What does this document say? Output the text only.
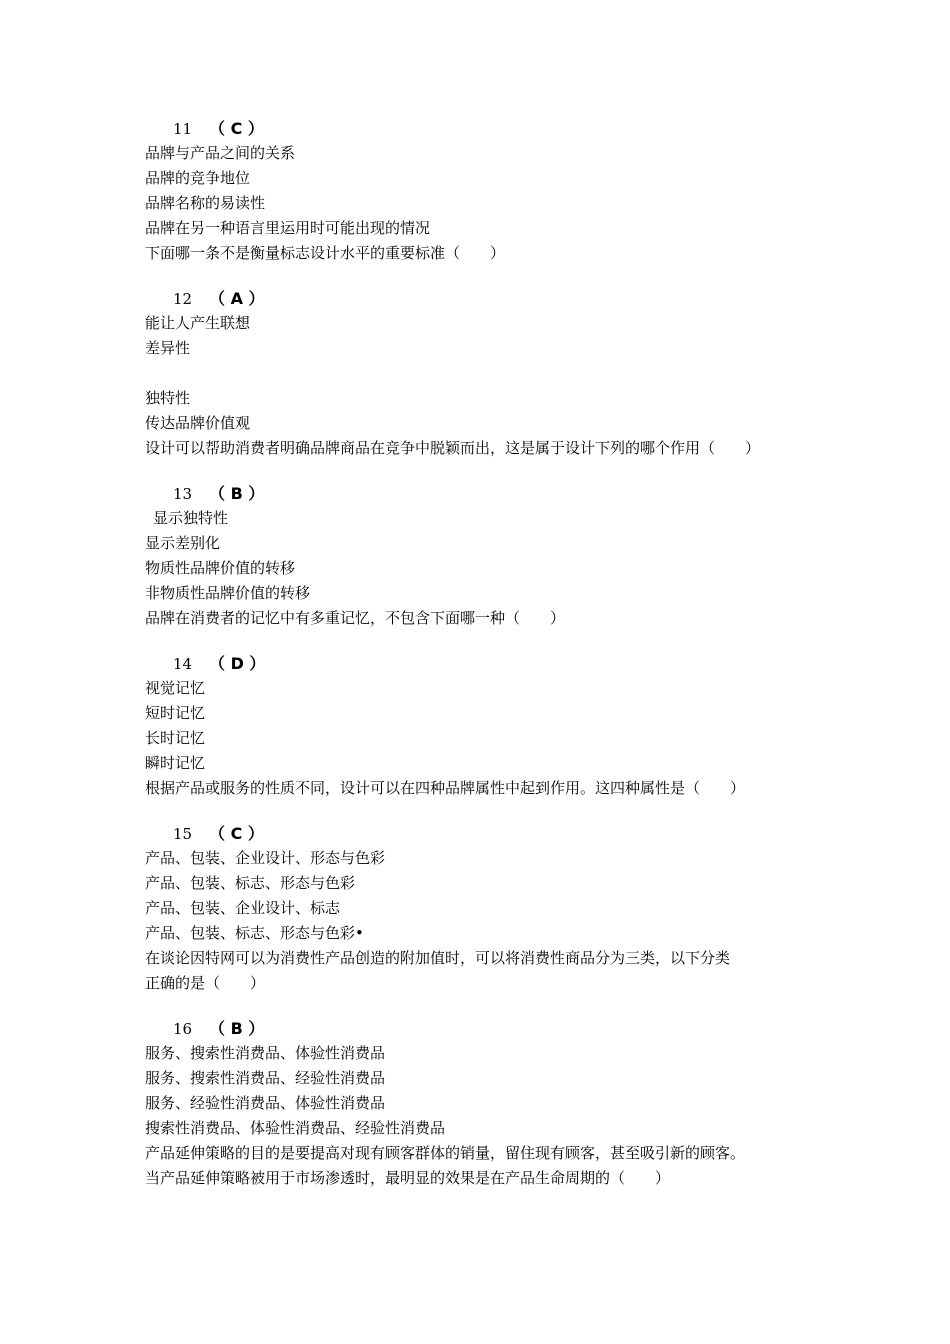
11 （ C ）
品牌与产品之间的关系
品牌的竞争地位
品牌名称的易读性
品牌在另一种语言里运用时可能出现的情况
下面哪一条不是衡量标志设计水平的重要标准（　　）
12 （ A ）
能让人产生联想
差异性
独特性
传达品牌价值观
设计可以帮助消费者明确品牌商品在竞争中脱颖而出，这是属于设计下列的哪个作用（　　）
13 （ B ）
显示独特性
显示差别化
物质性品牌价值的转移
非物质性品牌价值的转移
品牌在消费者的记忆中有多重记忆，不包含下面哪一种（　　）
14 （ D ）
视觉记忆
短时记忆
长时记忆
瞬时记忆
根据产品或服务的性质不同，设计可以在四种品牌属性中起到作用。这四种属性是（　　）
15 （ C ）
产品、包装、企业设计、形态与色彩
产品、包装、标志、形态与色彩
产品、包装、企业设计、标志
产品、包装、标志、形态与色彩•
在谈论因特网可以为消费性产品创造的附加值时，可以将消费性商品分为三类，以下分类
正确的是（　　）
16 （ B ）
服务、搜索性消费品、体验性消费品
服务、搜索性消费品、经验性消费品
服务、经验性消费品、体验性消费品
搜索性消费品、体验性消费品、经验性消费品
产品延伸策略的目的是要提高对现有顾客群体的销量，留住现有顾客，甚至吸引新的顾客。
当产品延伸策略被用于市场渗透时，最明显的效果是在产品生命周期的（　　）
